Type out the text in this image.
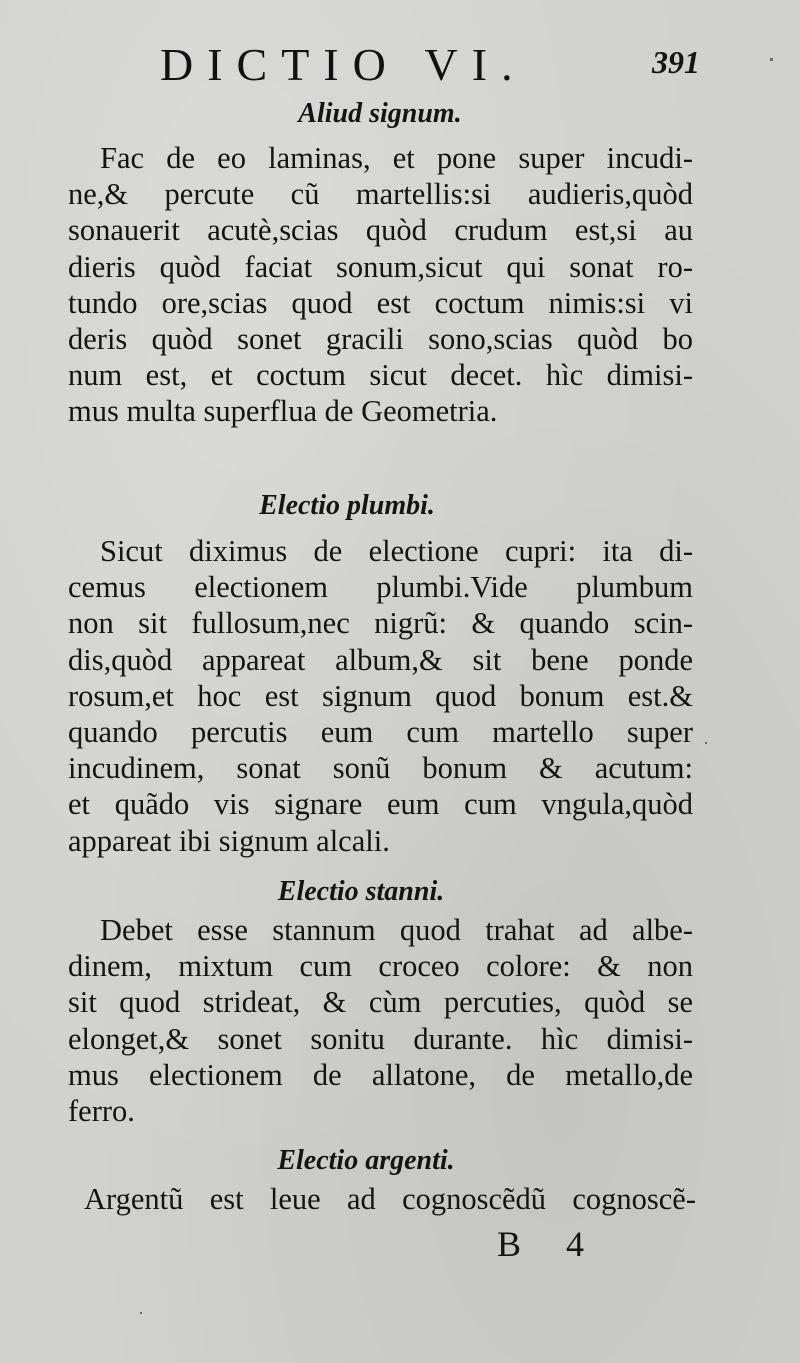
DICTIO VI.	391
Aliud signum.
Fac de eo laminas, et pone super incudi-
ne,& percute cũ martellis:si audieris,quòd
sonauerit acutè,scias quòd crudum est,si au
dieris quòd faciat sonum,sicut qui sonat ro-
tundo ore,scias quod est coctum nimis:si vi
deris quòd sonet gracili sono,scias quòd bo
num est, et coctum sicut decet. hìc dimisi-
mus multa superflua de Geometria.
Electio plumbi.
Sicut diximus de electione cupri: ita di-
cemus electionem plumbi.Vide plumbum
non sit fullosum,nec nigrũ: & quando scin-
dis,quòd appareat album,& sit bene ponde
rosum,et hoc est signum quod bonum est.&
quando percutis eum cum martello super
incudinem, sonat sonũ bonum & acutum:
et quãdo vis signare eum cum vngula,quòd
appareat ibi signum alcali.
Electio stanni.
Debet esse stannum quod trahat ad albe-
dinem, mixtum cum croceo colore: & non
sit quod strideat, & cùm percuties, quòd se
elonget,& sonet sonitu durante. hìc dimisi-
mus electionem de allatone, de metallo,de
ferro.
Electio argenti.
Argentũ est leue ad cognoscẽdũ cognoscẽ-
B 4
